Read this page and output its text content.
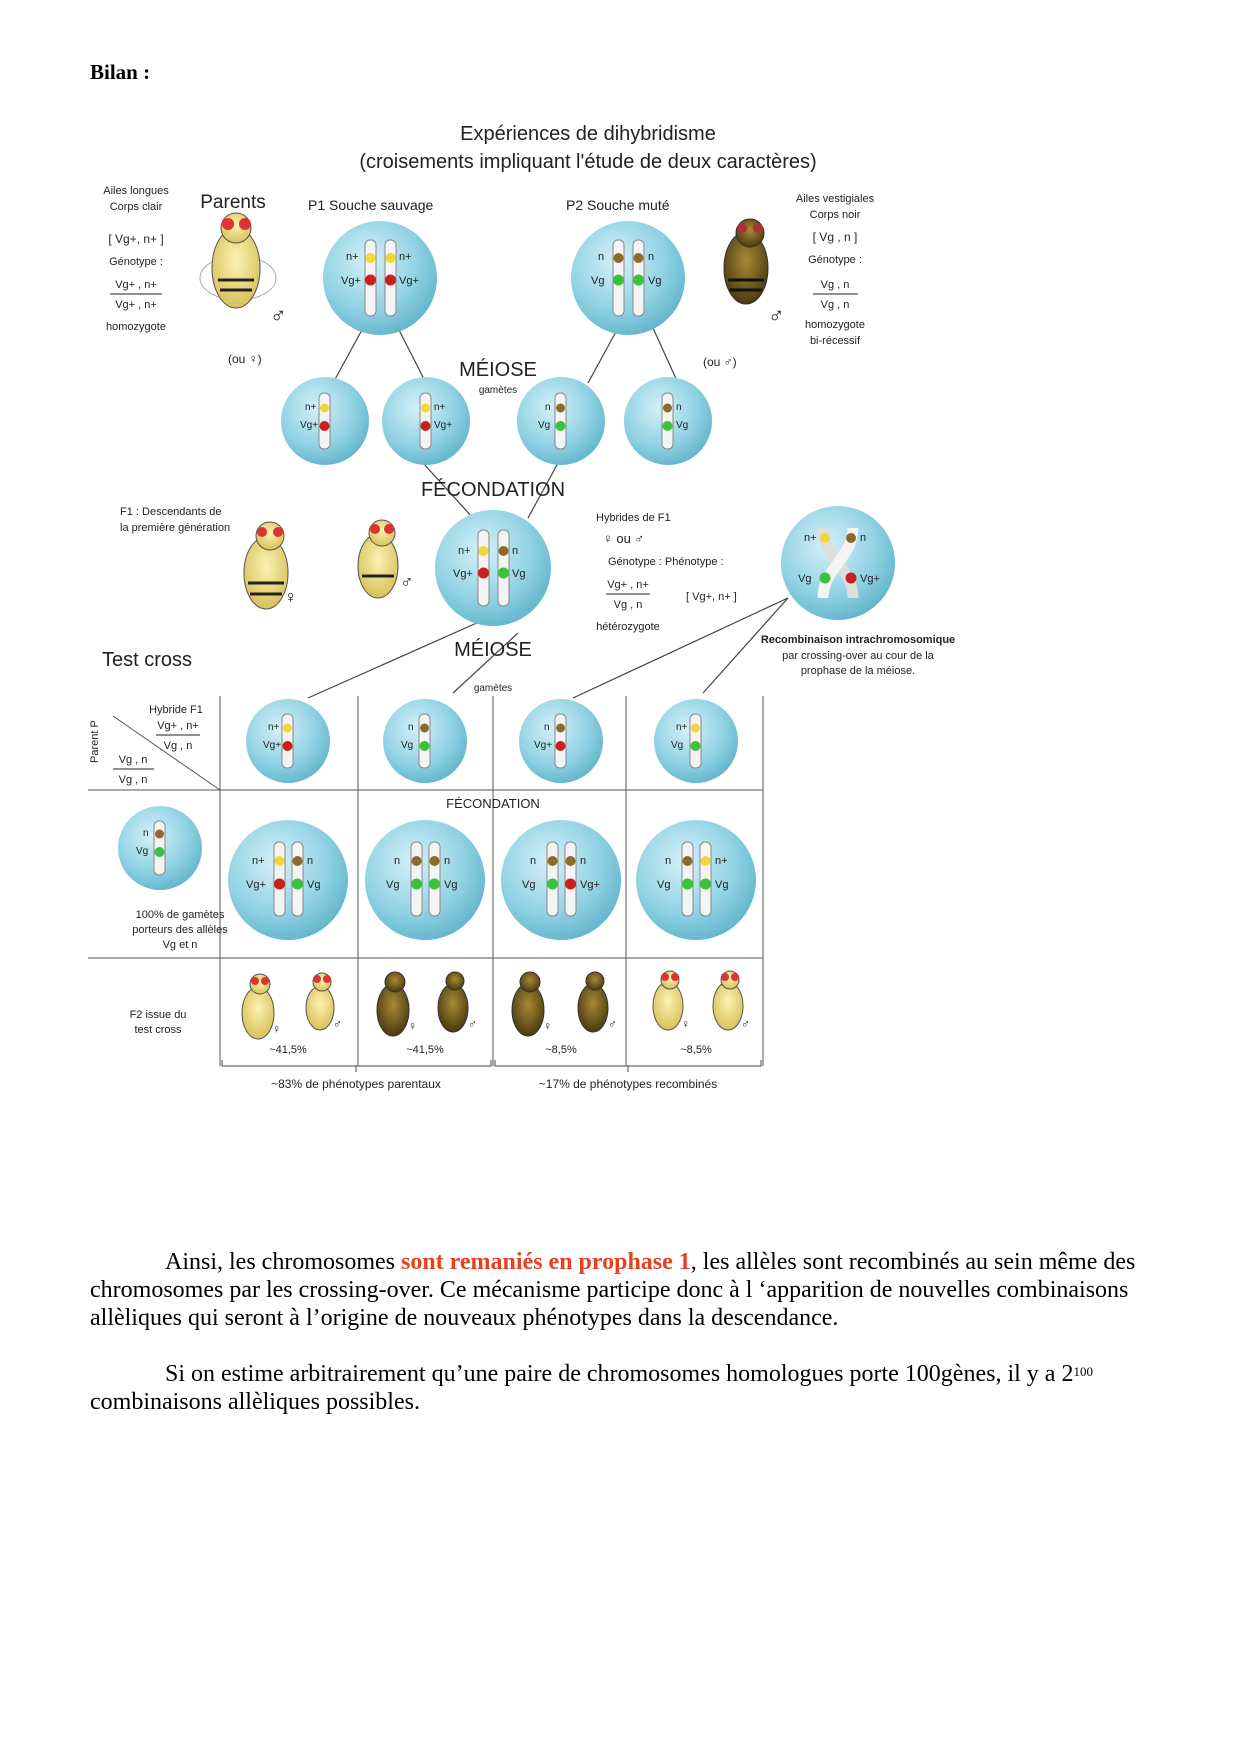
Bilan :
Expériences de dihybridisme
(croisements impliquant l'étude de deux caractères)
Parents	P1 Souche sauvage	P2 Souche muté
Ailes longues
Corps clair
[ Vg+, n+ ]
Génotype :
Vg+ , n+
Vg+ , n+
homozygote
(ou ♀)
Ailes vestigiales
Corps noir
[ Vg , n ]
Génotype :
Vg , n
Vg , n
homozygote
bi-récessif
(ou ♂)
n+	n+
Vg+	Vg+
n	n
Vg	Vg
♂	♂
MÉIOSE
gamètes
n+
Vg+
n+
Vg+
n
Vg
n
Vg
FÉCONDATION
F1 : Descendants de
la première génération
♀
♂
n+	n
Vg+	Vg
Hybrides de F1
♀ ou ♂
Génotype : Phénotype :
Vg+ , n+
Vg , n
[ Vg+, n+ ]
hétérozygote
n+	n
Vg	Vg+
Recombinaison intrachromosomique
par crossing-over au cour de la
prophase de la méiose.
Test cross	MÉIOSE
gamètes
Hybride F1
Vg+ , n+
Vg , n
Parent P Vg , n
Vg , n
n+
Vg+
n
Vg
n
Vg+
n+
Vg
FÉCONDATION
n
Vg
100% de gamètes
porteurs des allèles
Vg et n
n+	n
Vg+	Vg
n	n
Vg	Vg
n	n
Vg	Vg+
n	n+
Vg	Vg
F2 issue du
test cross	♀	♂	♀	♂	♀	♂	♀	♂
~41,5%	~41,5%	~8,5%	~8,5%
~83% de phénotypes parentaux	~17% de phénotypes recombinés
Ainsi, les chromosomes sont remaniés en prophase 1, les allèles sont recombinés au sein même des chromosomes par les crossing-over. Ce mécanisme participe donc à l ‘apparition de nouvelles combinaisons allèliques qui seront à l’origine de nouveaux phénotypes dans la descendance.
Si on estime arbitrairement qu’une paire de chromosomes homologues porte 100gènes, il y a $2^{100}$ combinaisons allèliques possibles.
